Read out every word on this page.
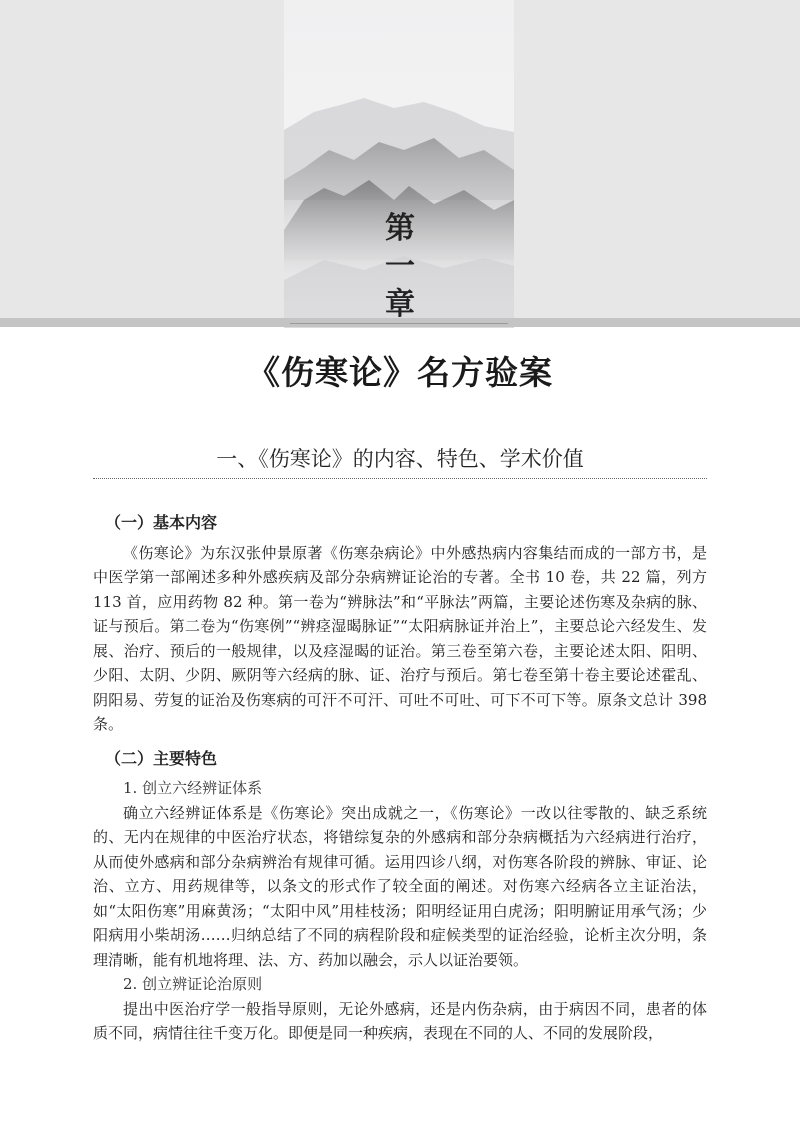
第
一
章
《伤寒论》名方验案
一、《伤寒论》的内容、特色、学术价值
（一）基本内容

《伤寒论》为东汉张仲景原著《伤寒杂病论》中外感热病内容集结而成的一部方书，是中医学第一部阐述多种外感疾病及部分杂病辨证论治的专著。全书 10 卷，共 22 篇，列方 113 首，应用药物 82 种。第一卷为“辨脉法”和“平脉法”两篇，主要论述伤寒及杂病的脉、证与预后。第二卷为“伤寒例”“辨痉湿暍脉证”“太阳病脉证并治上”，主要总论六经发生、发展、治疗、预后的一般规律，以及痉湿暍的证治。第三卷至第六卷，主要论述太阳、阳明、少阳、太阴、少阴、厥阴等六经病的脉、证、治疗与预后。第七卷至第十卷主要论述霍乱、阴阳易、劳复的证治及伤寒病的可汗不可汗、可吐不可吐、可下不可下等。原条文总计 398 条。

（二）主要特色

1. 创立六经辨证体系

确立六经辨证体系是《伤寒论》突出成就之一，《伤寒论》一改以往零散的、缺乏系统的、无内在规律的中医治疗状态，将错综复杂的外感病和部分杂病概括为六经病进行治疗，从而使外感病和部分杂病辨治有规律可循。运用四诊八纲，对伤寒各阶段的辨脉、审证、论治、立方、用药规律等，以条文的形式作了较全面的阐述。对伤寒六经病各立主证治法，如“太阳伤寒”用麻黄汤；“太阳中风”用桂枝汤；阳明经证用白虎汤；阳明腑证用承气汤；少阳病用小柴胡汤……归纳总结了不同的病程阶段和症候类型的证治经验，论析主次分明，条理清晰，能有机地将理、法、方、药加以融会，示人以证治要领。

2. 创立辨证论治原则

提出中医治疗学一般指导原则，无论外感病，还是内伤杂病，由于病因不同，患者的体质不同，病情往往千变万化。即便是同一种疾病，表现在不同的人、不同的发展阶段，
